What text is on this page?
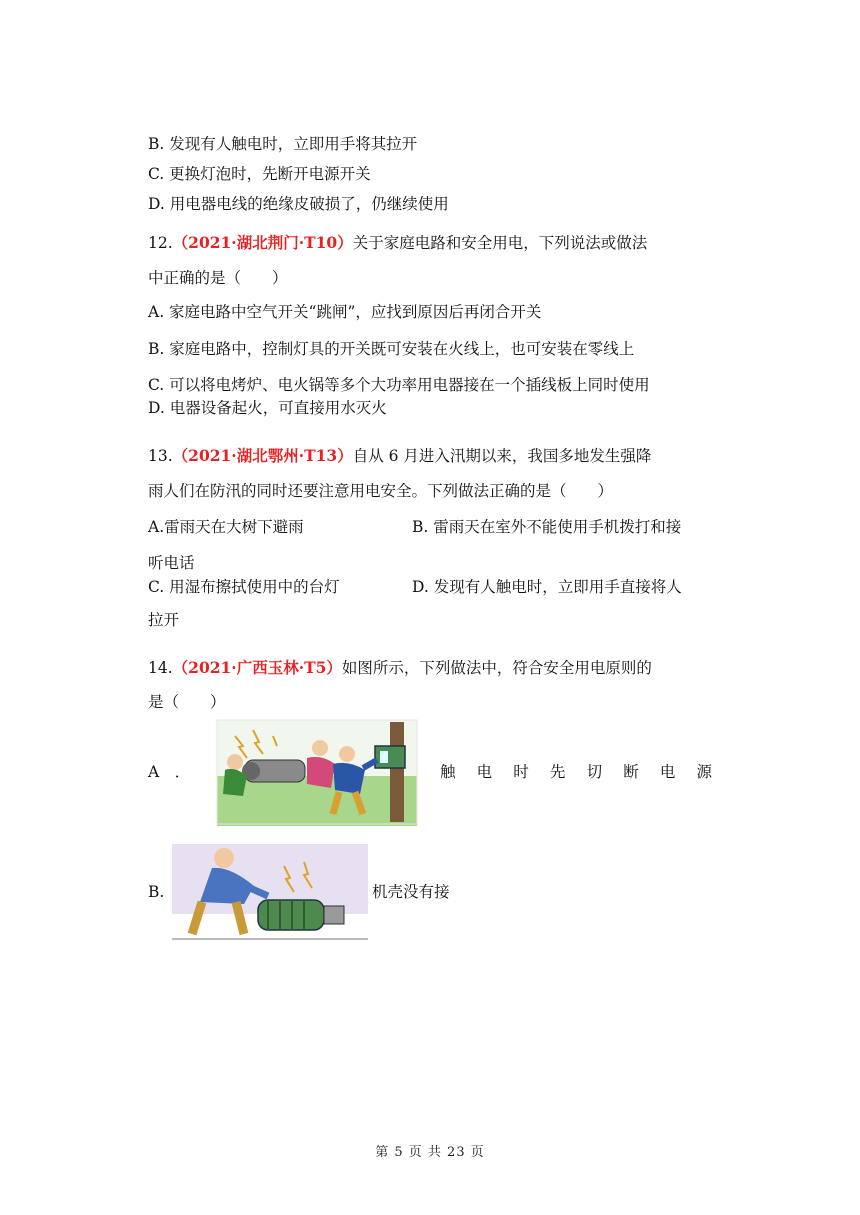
B. 发现有人触电时，立即用手将其拉开
C. 更换灯泡时，先断开电源开关
D. 用电器电线的绝缘皮破损了，仍继续使用
12.（2021·湖北荆门·T10）关于家庭电路和安全用电，下列说法或做法
中正确的是（　　）
A. 家庭电路中空气开关“跳闸”，应找到原因后再闭合开关
B. 家庭电路中，控制灯具的开关既可安装在火线上，也可安装在零线上
C. 可以将电烤炉、电火锅等多个大功率用电器接在一个插线板上同时使用
D. 电器设备起火，可直接用水灭火
13.（2021·湖北鄂州·T13）自从 6 月进入汛期以来，我国多地发生强降
雨人们在防汛的同时还要注意用电安全。下列做法正确的是（　　）
A.雷雨天在大树下避雨	B. 雷雨天在室外不能使用手机拨打和接
听电话
C. 用湿布擦拭使用中的台灯	D. 发现有人触电时，立即用手直接将人
拉开
14.（2021·广西玉林·T5）如图所示，下列做法中，符合安全用电原则的
是（　　）
A　．	触 电 时 先 切 断 电 源
B.	机壳没有接
第 5 页 共 23 页
